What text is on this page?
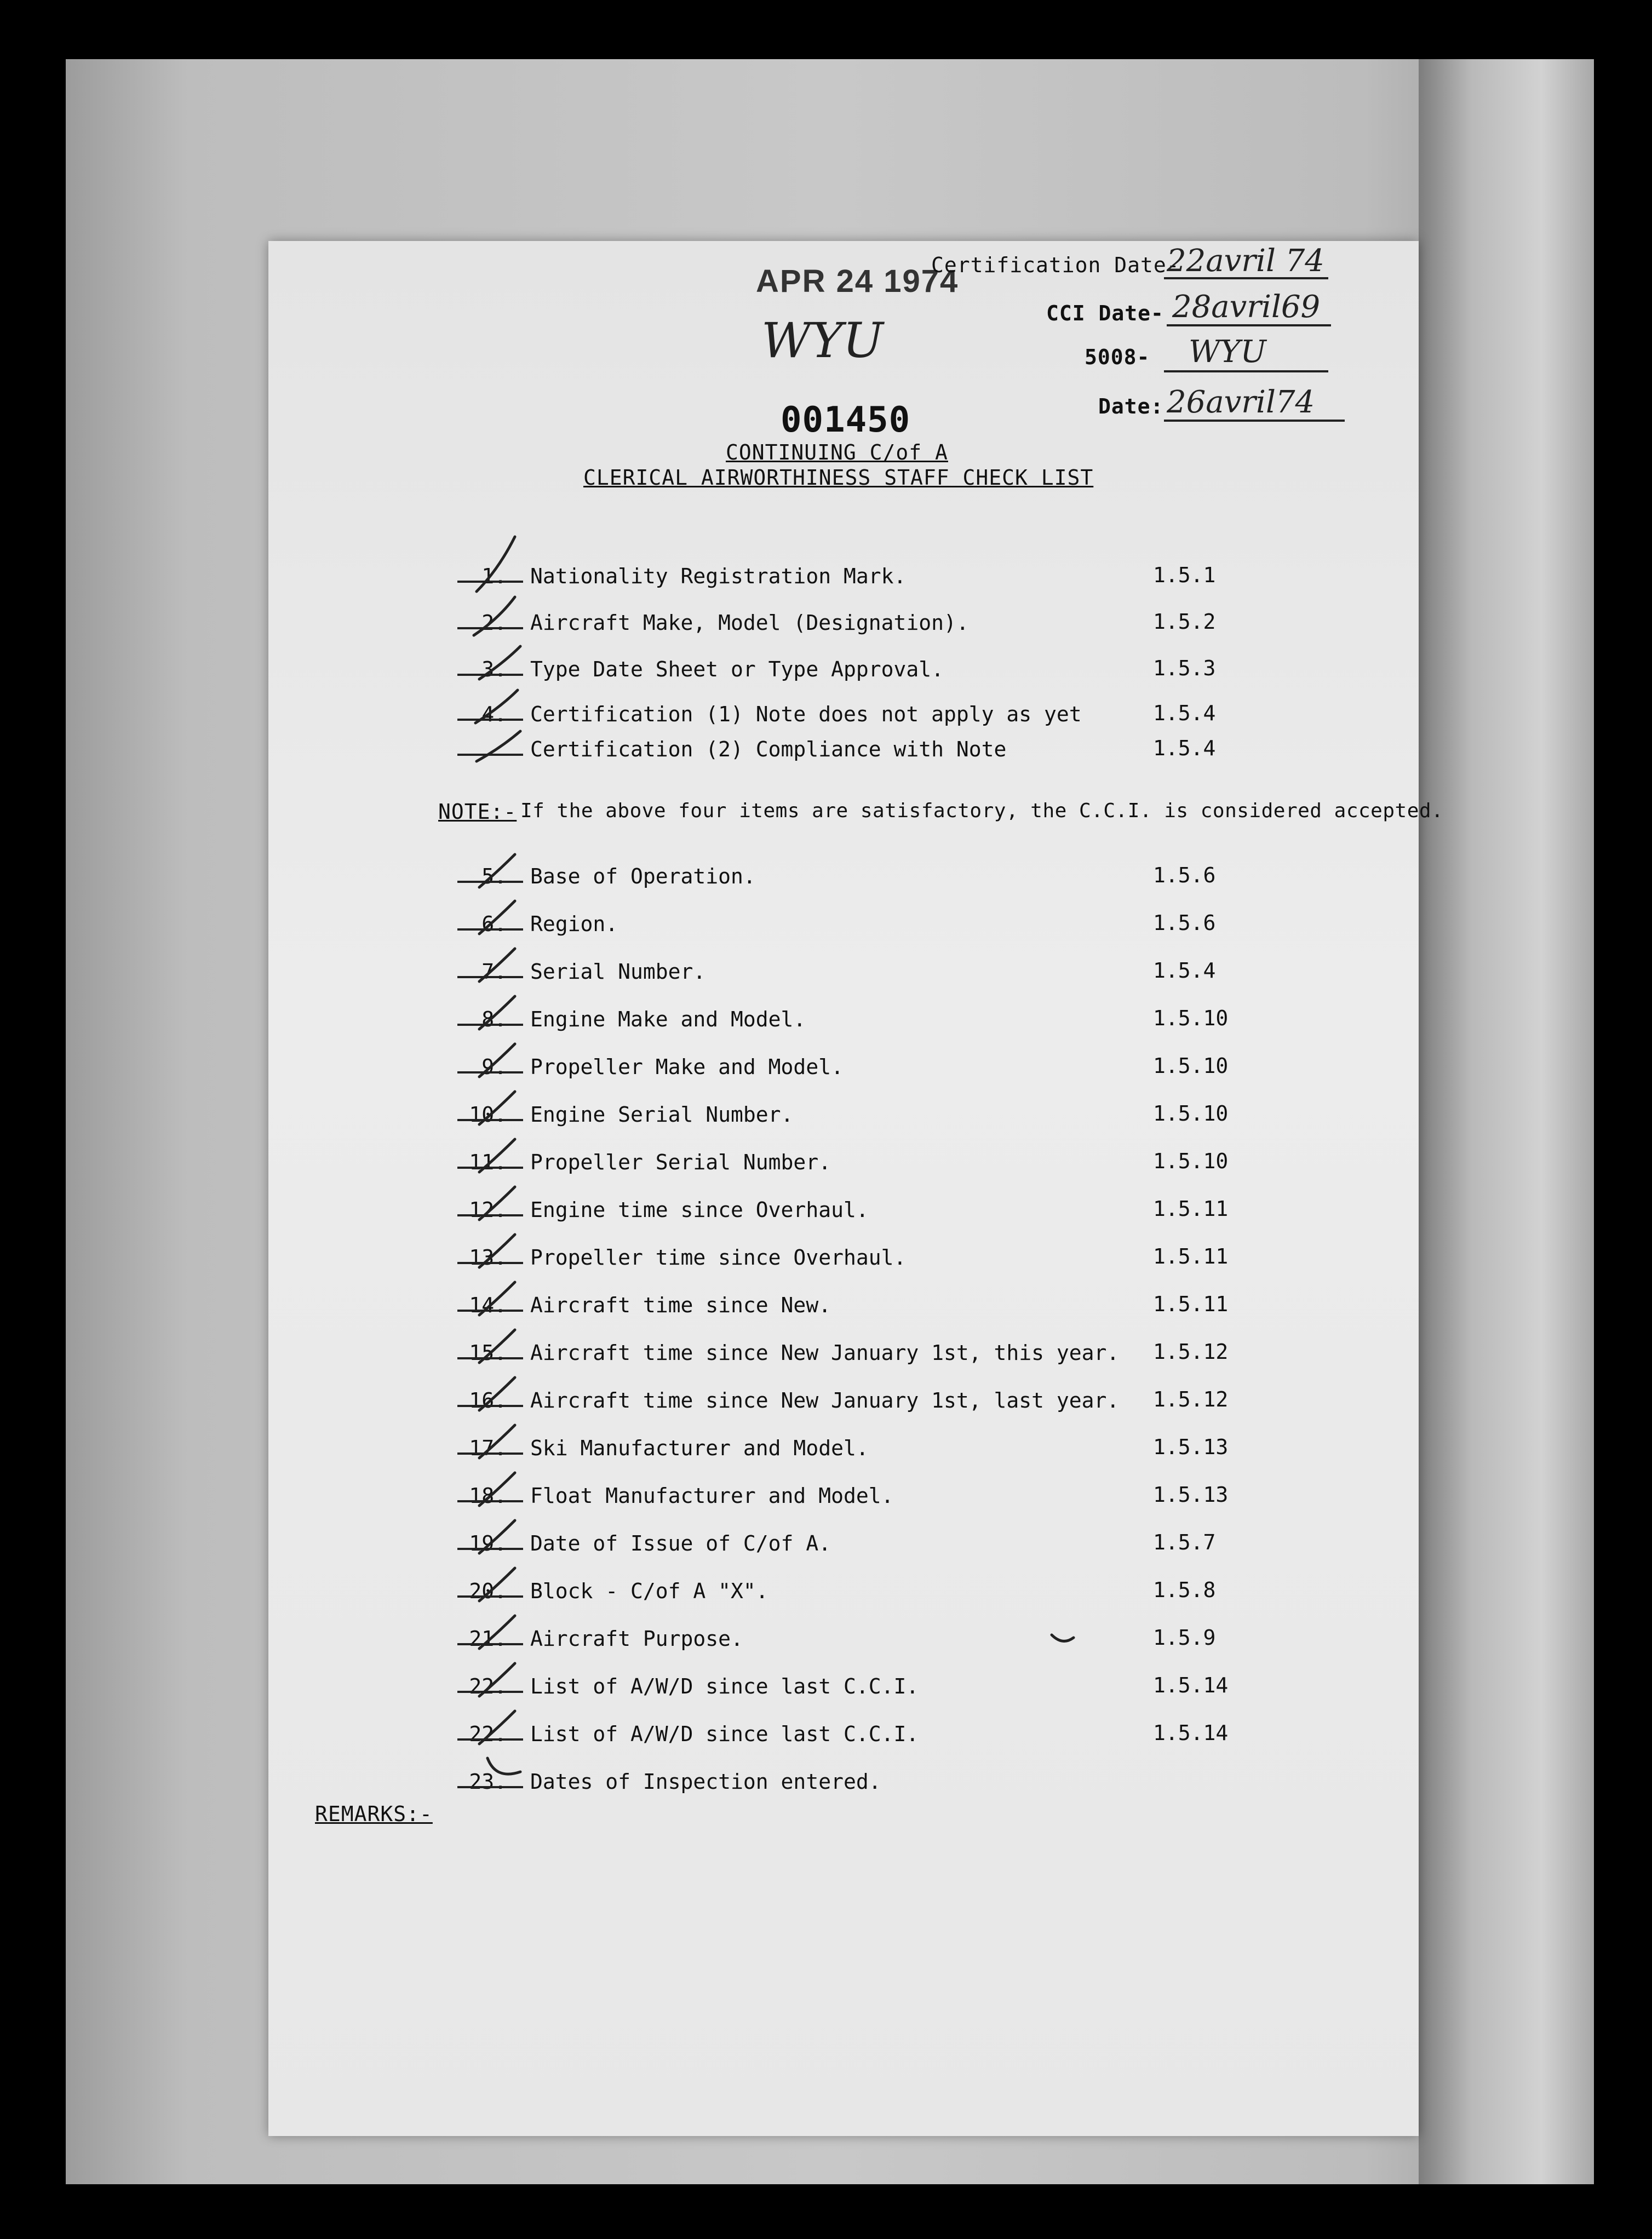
APR 24 1974
WYU
001450
Certification Date-
22avril 74
CCI Date- 28avril69
5008- WYU
Date: 26avril74
CONTINUING C/of A
CLERICAL AIRWORTHINESS STAFF CHECK LIST
1. Nationality Registration Mark.	1.5.1
2. Aircraft Make, Model (Designation).	1.5.2
3. Type Date Sheet or Type Approval.	1.5.3
4. Certification (1) Note does not apply as yet	1.5.4
Certification (2) Compliance with Note	1.5.4
NOTE:- If the above four items are satisfactory, the C.C.I. is considered accepted.
5. Base of Operation.	1.5.6
6. Region.	1.5.6
7. Serial Number.	1.5.4
8. Engine Make and Model.	1.5.10
9. Propeller Make and Model.	1.5.10
10. Engine Serial Number.	1.5.10
11. Propeller Serial Number.	1.5.10
12. Engine time since Overhaul.	1.5.11
13. Propeller time since Overhaul.	1.5.11
14. Aircraft time since New.	1.5.11
15. Aircraft time since New January 1st, this year. 1.5.12
16. Aircraft time since New January 1st, last year. 1.5.12
17. Ski Manufacturer and Model.	1.5.13
18. Float Manufacturer and Model.	1.5.13
19. Date of Issue of C/of A.	1.5.7
20. Block - C/of A "X".	1.5.8
21. Aircraft Purpose.	1.5.9
22. List of A/W/D since last C.C.I.	1.5.14
22. List of A/W/D since last C.C.I.	1.5.14
23. Dates of Inspection entered.
REMARKS:-
